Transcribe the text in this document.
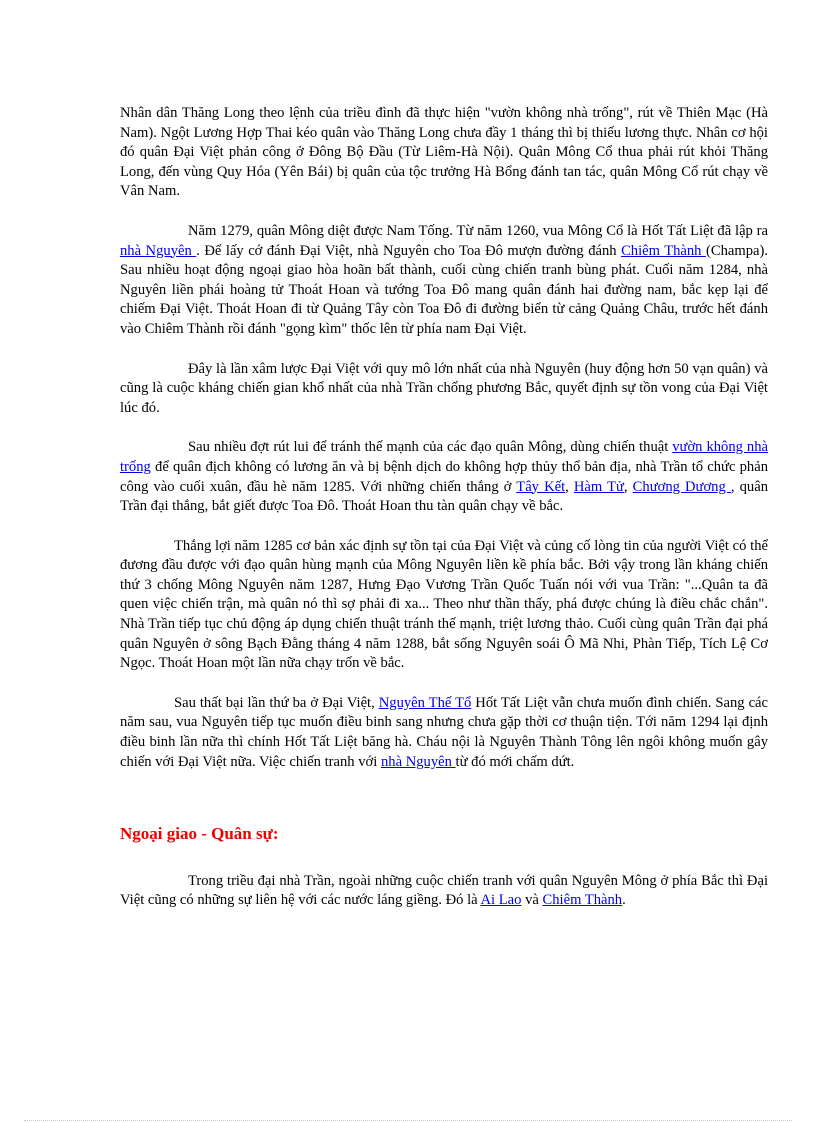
Nhân dân Thăng Long theo lệnh của triều đình đã thực hiện "vườn không nhà trống", rút về Thiên Mạc (Hà Nam). Ngột Lương Hợp Thai kéo quân vào Thăng Long chưa đầy 1 tháng thì bị thiếu lương thực. Nhân cơ hội đó quân Đại Việt phản công ở Đông Bộ Đầu (Từ Liêm-Hà Nội). Quân Mông Cổ thua phải rút khỏi Thăng Long, đến vùng Quy Hóa (Yên Bái) bị quân của tộc trưởng Hà Bổng đánh tan tác, quân Mông Cổ rút chạy về Vân Nam.

Năm 1279, quân Mông diệt được Nam Tống. Từ năm 1260, vua Mông Cổ là Hốt Tất Liệt đã lập ra nhà Nguyên . Để lấy cớ đánh Đại Việt, nhà Nguyên cho Toa Đô mượn đường đánh Chiêm Thành (Champa). Sau nhiều hoạt động ngoại giao hòa hoãn bất thành, cuối cùng chiến tranh bùng phát. Cuối năm 1284, nhà Nguyên liền phái hoàng tử Thoát Hoan và tướng Toa Đô mang quân đánh hai đường nam, bắc kẹp lại để chiếm Đại Việt. Thoát Hoan đi từ Quảng Tây còn Toa Đô đi đường biển từ cảng Quảng Châu, trước hết đánh vào Chiêm Thành rồi đánh "gọng kìm" thốc lên từ phía nam Đại Việt.

Đây là lần xâm lược Đại Việt với quy mô lớn nhất của nhà Nguyên (huy động hơn 50 vạn quân) và cũng là cuộc kháng chiến gian khổ nhất của nhà Trần chống phương Bắc, quyết định sự tồn vong của Đại Việt lúc đó.

Sau nhiều đợt rút lui để tránh thế mạnh của các đạo quân Mông, dùng chiến thuật vườn không nhà trống để quân địch không có lương ăn và bị bệnh dịch do không hợp thủy thổ bản địa, nhà Trần tổ chức phản công vào cuối xuân, đầu hè năm 1285. Với những chiến thắng ở Tây Kết, Hàm Tử, Chương Dương , quân Trần đại thắng, bắt giết được Toa Đô. Thoát Hoan thu tàn quân chạy về bắc.

Thắng lợi năm 1285 cơ bản xác định sự tồn tại của Đại Việt và củng cố lòng tin của người Việt có thể đương đầu được với đạo quân hùng mạnh của Mông Nguyên liền kề phía bắc. Bởi vậy trong lần kháng chiến thứ 3 chống Mông Nguyên năm 1287, Hưng Đạo Vương Trần Quốc Tuấn nói với vua Trần: "...Quân ta đã quen việc chiến trận, mà quân nó thì sợ phải đi xa... Theo như thần thấy, phá được chúng là điều chắc chắn". Nhà Trần tiếp tục chủ động áp dụng chiến thuật tránh thế mạnh, triệt lương thảo. Cuối cùng quân Trần đại phá quân Nguyên ở sông Bạch Đằng tháng 4 năm 1288, bắt sống Nguyên soái Ô Mã Nhi, Phàn Tiếp, Tích Lệ Cơ Ngọc. Thoát Hoan một lần nữa chạy trốn về bắc.

Sau thất bại lần thứ ba ở Đại Việt, Nguyên Thế Tổ Hốt Tất Liệt vẫn chưa muốn đình chiến. Sang các năm sau, vua Nguyên tiếp tục muốn điều binh sang nhưng chưa gặp thời cơ thuận tiện. Tới năm 1294 lại định điều binh lần nữa thì chính Hốt Tất Liệt băng hà. Cháu nội là Nguyên Thành Tông lên ngôi không muốn gây chiến với Đại Việt nữa. Việc chiến tranh với nhà Nguyên từ đó mới chấm dứt.

Ngoại giao - Quân sự:

Trong triều đại nhà Trần, ngoài những cuộc chiến tranh với quân Nguyên Mông ở phía Bắc thì Đại Việt cũng có những sự liên hệ với các nước láng giềng. Đó là Ai Lao và Chiêm Thành.
